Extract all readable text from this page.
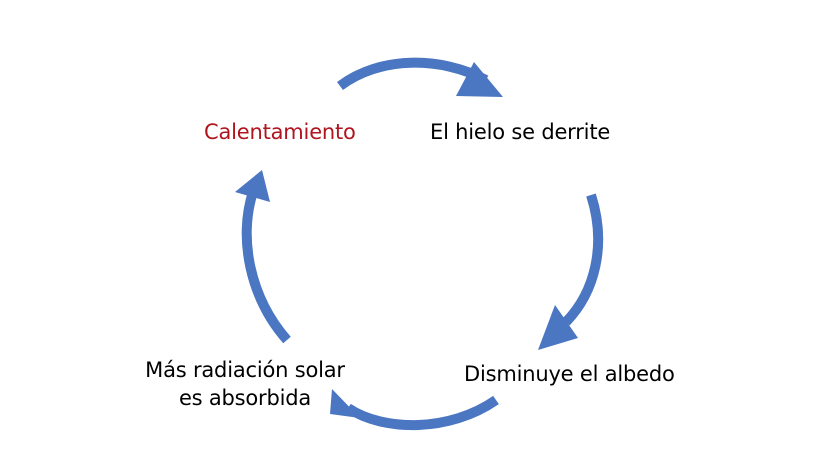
Calentamiento	El hielo se derrite
Disminuye el albedo
Más radiación solar
es absorbida
